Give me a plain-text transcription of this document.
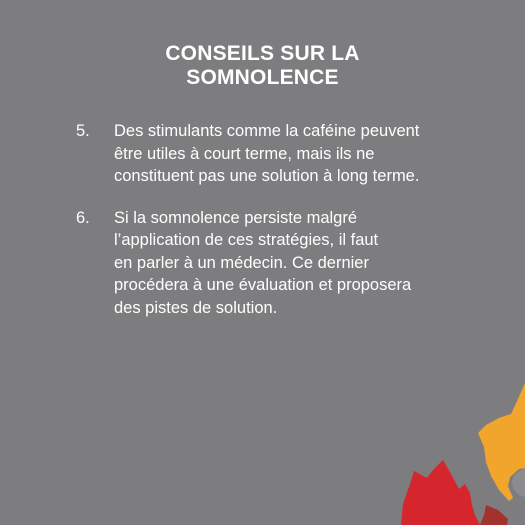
CONSEILS SUR LA
SOMNOLENCE
5. Des stimulants comme la caféine peuvent
être utiles à court terme, mais ils ne
constituent pas une solution à long terme.
6. Si la somnolence persiste malgré
l’application de ces stratégies, il faut
en parler à un médecin. Ce dernier
procédera à une évaluation et proposera
des pistes de solution.
